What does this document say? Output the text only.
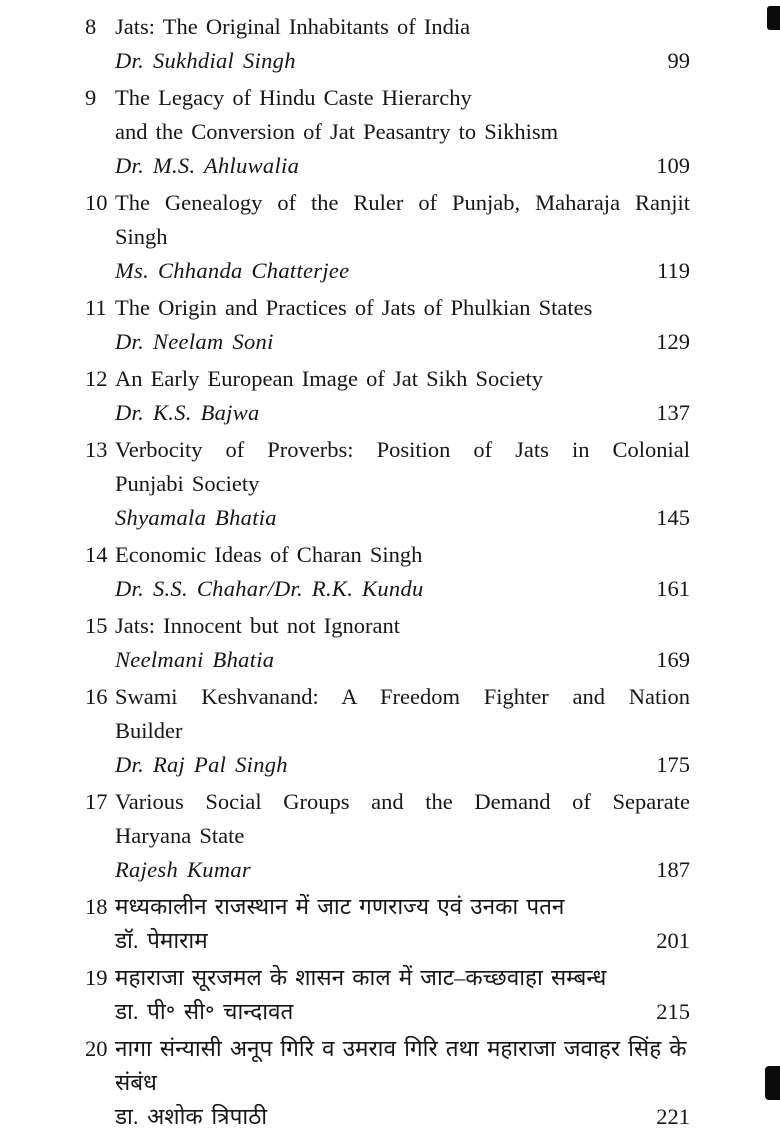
8 Jats: The Original Inhabitants of India
Dr. Sukhdial Singh	99
9 The Legacy of Hindu Caste Hierarchy
and the Conversion of Jat Peasantry to Sikhism
Dr. M.S. Ahluwalia	109
10 The Genealogy of the Ruler of Punjab, Maharaja Ranjit
Singh
Ms. Chhanda Chatterjee	119
11 The Origin and Practices of Jats of Phulkian States
Dr. Neelam Soni	129
12 An Early European Image of Jat Sikh Society
Dr. K.S. Bajwa	137
13 Verbocity of Proverbs: Position of Jats in Colonial
Punjabi Society
Shyamala Bhatia	145
14 Economic Ideas of Charan Singh
Dr. S.S. Chahar/Dr. R.K. Kundu	161
15 Jats: Innocent but not Ignorant
Neelmani Bhatia	169
16 Swami Keshvanand: A Freedom Fighter and Nation
Builder
Dr. Raj Pal Singh	175
17 Various Social Groups and the Demand of Separate
Haryana State
Rajesh Kumar	187
18 मध्यकालीन राजस्थान में जाट गणराज्य एवं उनका पतन
डॉ. पेमाराम	201
19 महाराजा सूरजमल के शासन काल में जाट–कच्छवाहा सम्बन्ध
डा. पी॰ सी॰ चान्दावत	215
20 नागा संन्यासी अनूप गिरि व उमराव गिरि तथा महाराजा जवाहर सिंह के संबंध
डा. अशोक त्रिपाठी	221
